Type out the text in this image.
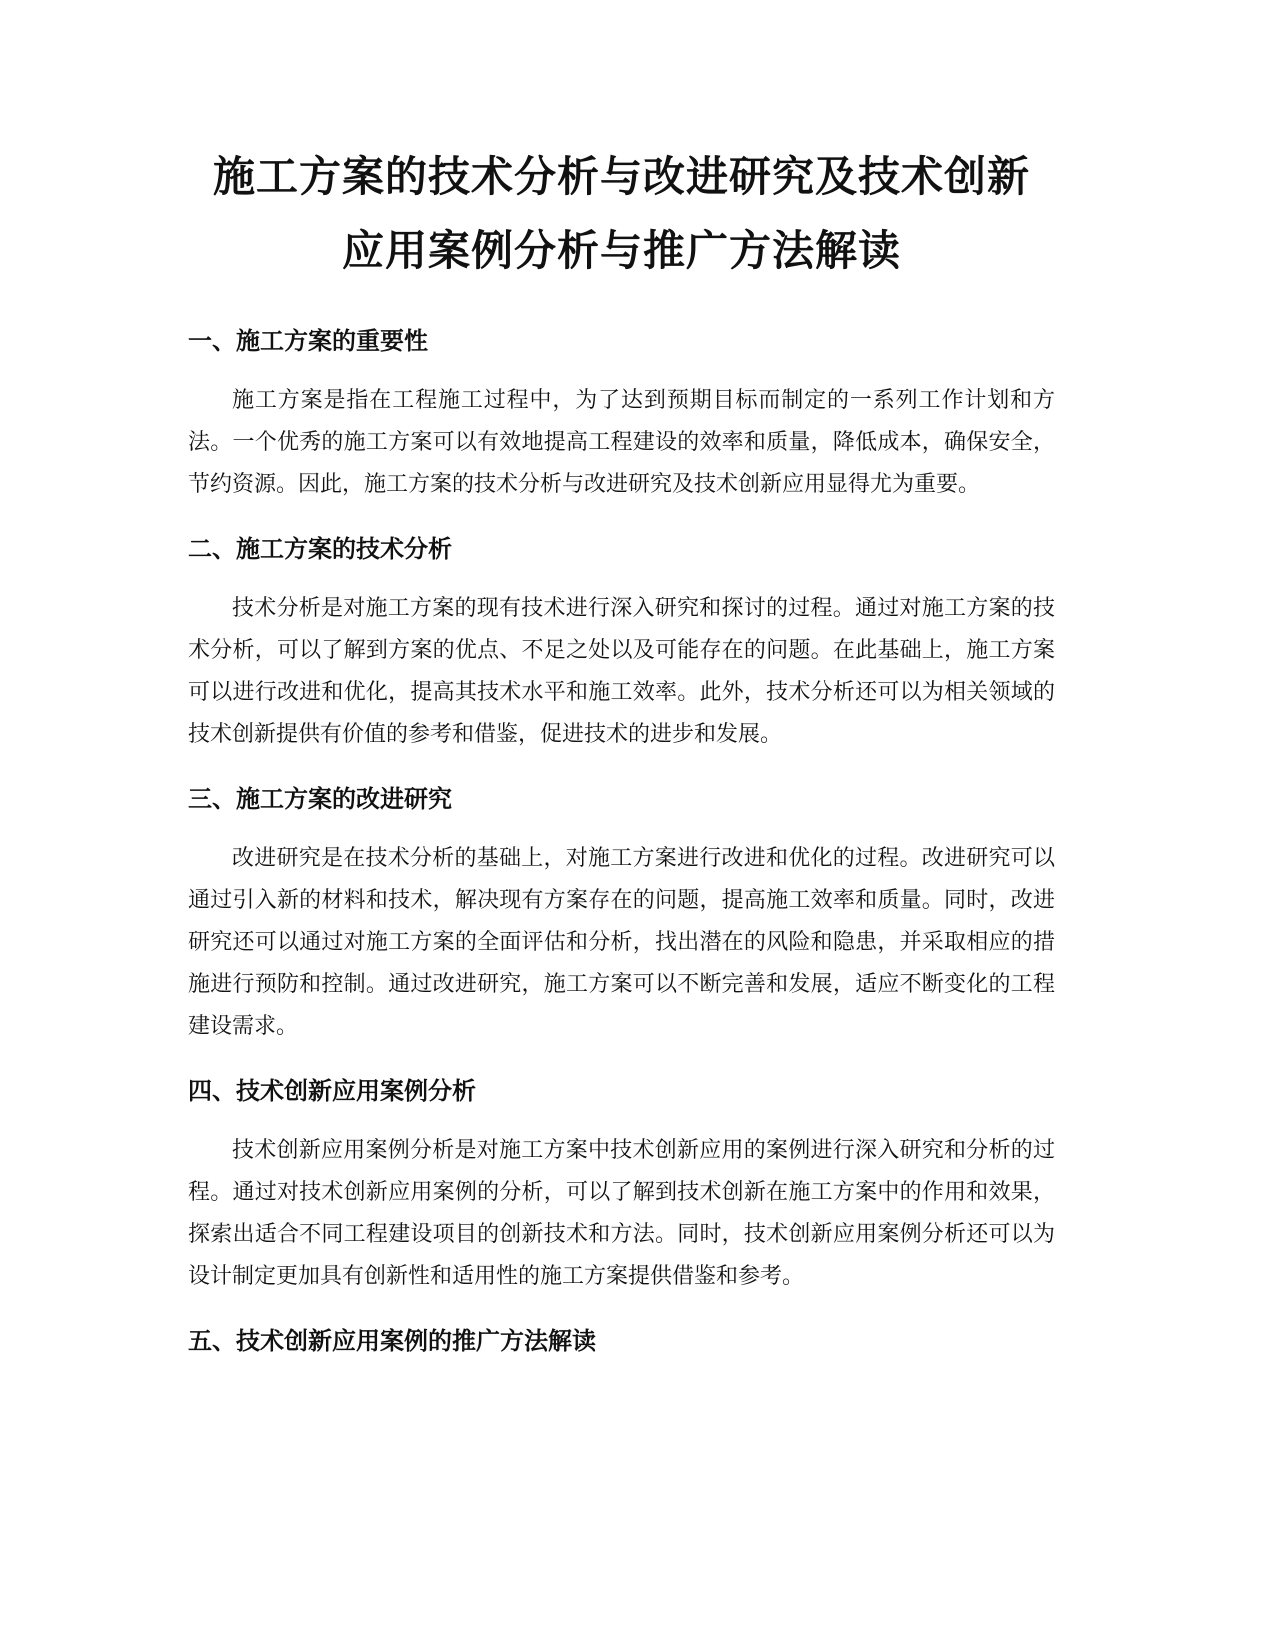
施工方案的技术分析与改进研究及技术创新
应用案例分析与推广方法解读
一、施工方案的重要性

施工方案是指在工程施工过程中，为了达到预期目标而制定的一系列工作计划和方法。一个优秀的施工方案可以有效地提高工程建设的效率和质量，降低成本，确保安全，节约资源。因此，施工方案的技术分析与改进研究及技术创新应用显得尤为重要。

二、施工方案的技术分析

技术分析是对施工方案的现有技术进行深入研究和探讨的过程。通过对施工方案的技术分析，可以了解到方案的优点、不足之处以及可能存在的问题。在此基础上，施工方案可以进行改进和优化，提高其技术水平和施工效率。此外，技术分析还可以为相关领域的技术创新提供有价值的参考和借鉴，促进技术的进步和发展。

三、施工方案的改进研究

改进研究是在技术分析的基础上，对施工方案进行改进和优化的过程。改进研究可以通过引入新的材料和技术，解决现有方案存在的问题，提高施工效率和质量。同时，改进研究还可以通过对施工方案的全面评估和分析，找出潜在的风险和隐患，并采取相应的措施进行预防和控制。通过改进研究，施工方案可以不断完善和发展，适应不断变化的工程建设需求。

四、技术创新应用案例分析

技术创新应用案例分析是对施工方案中技术创新应用的案例进行深入研究和分析的过程。通过对技术创新应用案例的分析，可以了解到技术创新在施工方案中的作用和效果，探索出适合不同工程建设项目的创新技术和方法。同时，技术创新应用案例分析还可以为设计制定更加具有创新性和适用性的施工方案提供借鉴和参考。

五、技术创新应用案例的推广方法解读
